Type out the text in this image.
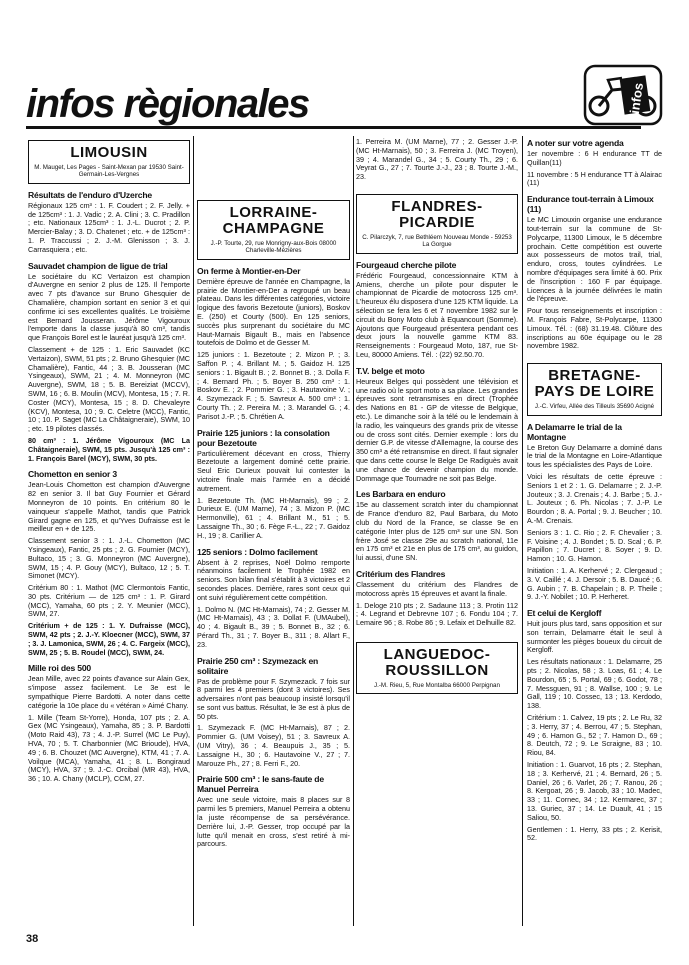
infos règionales	infos
LIMOUSIN
M. Mauget, Les Pages - Saint-Mexan par 19530 Saint-Germain-Les-Vergnes
Résultats de l'enduro d'Uzerche

Régionaux 125 cm³ : 1. F. Coudert ; 2. F. Jelly. + de 125cm³ : 1. J. Vadic ; 2. A. Clini ; 3. C. Pradillon ; etc. Nationaux 125cm³ : 1. J.-L. Ducrot ; 2. P. Mercier-Balay ; 3. D. Chatenet ; etc. + de 125cm³ : 1. P. Traccussi ; 2. J.-M. Glenisson ; 3. J. Carrasquiera ; etc.

Sauvadet champion de ligue de trial

Le sociétaire du KC Vertaizon est champion d'Auvergne en senior 2 plus de 125. Il l'emporte avec 7 pts d'avance sur Bruno Ghesquier de Chamalière, champion sortant en senior 3 et qui confirme ici ses excellentes qualités. Le troisième est Bernard Jousseran. Jérôme Vigouroux l'emporte dans la classe jusqu'à 80 cm³, tandis que François Borel est le lauréat jusqu'à 125 cm³.

Classement + de 125 : 1. Eric Sauvadet (KC Vertaizon), SWM, 51 pts ; 2. Bruno Ghesquier (MC Chamalière), Fantic, 44 ; 3. B. Jousseran (MC Ysingeaux), SWM, 21 ; 4. M. Monneyron (MC Auvergne), SWM, 18 ; 5. B. Bereiziat (MCCV), SWM, 16 ; 6. B. Moulin (MCV), Montesa, 15 ; 7. R. Coster (MCY), Montesa, 15 ; 8. D. Chevaleyre (KCV), Montesa, 10 ; 9. C. Celetre (MCC), Fantic, 10 ; 10. P. Saget (MC La Châtaigneraie), SWM, 10 ; etc. 19 pilotes classés.

80 cm³ : 1. Jérôme Vigouroux (MC La Châtaigneraie), SWM, 15 pts. Jusqu'à 125 cm³ : 1. François Barel (MCY), SWM, 30 pts.

Chometton en senior 3

Jean-Louis Chometton est champion d'Auvergne 82 en senior 3. Il bat Guy Fournier et Gérard Monneyron de 10 points. En critérium 80 le vainqueur s'appelle Mathot, tandis que Patrick Girard gagne en 125, et qu'Yves Dufraisse est le meilleur en + de 125.

Classement senior 3 : 1. J.-L. Chometton (MC Ysingeaux), Fantic, 25 pts ; 2. G. Fournier (MCY), Bultaco, 15 ; 3. G. Monneyron (MC Auvergne), SWM, 15 ; 4. P. Gouy (MCY), Bultaco, 12 ; 5. T. Simonet (MCY).

Critérium 80 : 1. Mathot (MC Clermontois Fantic, 30 pts. Critérium — de 125 cm³ : 1. P. Girard (MCC), Yamaha, 60 pts ; 2. Y. Meunier (MCC), SWM, 27.

Critérium + de 125 : 1. Y. Dufraisse (MCC), SWM, 42 pts ; 2. J.-Y. Kloecner (MCC), SWM, 37 ; 3. J. Lamonica, SWM, 26 ; 4. C. Fargeix (MCC), SWM, 25 ; 5. B. Roudel (MCC), SWM, 24.

Mille roi des 500

Jean Mille, avec 22 points d'avance sur Alain Gex, s'impose assez facilement. Le 3e est le sympathique Pierre Bardotti. A noter dans cette catégorie la 10e place du « vétéran » Aimé Chany.

1. Mille (Team St-Yorre), Honda, 107 pts ; 2. A. Gex (MC Ysingeaux), Yamaha, 85 ; 3. P. Bardotti (Moto Raid 43), 73 ; 4. J.-P. Surrel (MC Le Puy), HVA, 70 ; 5. T. Charbonnier (MC Brioude), HVA, 49 ; 6. B. Chouzet (MC Auvergne), KTM, 41 ; 7. A. Voilque (MCA), Yamaha, 41 ; 8. L. Bongiraud (MCY), HVA, 37 ; 9. J.-C. Orcibal (MR 43), HVA, 36 ; 10. A. Chany (MCLP), CCM, 27.

LORRAINE-CHAMPAGNE
J.-P. Tourte, 29, rue Monrigny-aux-Bois 08000 Charleville-Mézières
On ferme à Montier-en-Der

Dernière épreuve de l'année en Champagne, la prairie de Montier-en-Der a regroupé un beau plateau. Dans les différentes catégories, victoire logique des favoris Bezetoute (juniors), Boskov E. (250) et Courty (500). En 125 seniors, succès plus surprenant du sociétaire du MC Haut-Marnais Bigault B., mais en l'absence toutefois de Dolmo et de Gesser M.

125 juniors : 1. Bezetoute ; 2. Mizon P. ; 3. Saffon P. ; 4. Brillant M. ; 5. Gaidoz H. 125 seniors : 1. Bigault B. ; 2. Bonnet B. ; 3. Dolla F. ; 4. Bernard Ph. ; 5. Boyer B. 250 cm³ : 1. Boskov E. ; 2. Pommier G. ; 3. Hautavoine V. ; 4. Szymezack F. ; 5. Savreux A. 500 cm³ : 1. Courty Th. ; 2. Pereira M. ; 3. Marandel G. ; 4. Parisot J.-P. ; 5. Chrétien A.

Prairie 125 juniors : la consolation pour Bezetoute

Particulièrement décevant en cross, Thierry Bezetoute a largement dominé cette prairie. Seul Eric Durieux pouvait lui contester la victoire finale mais l'armée en a décidé autrement.

1. Bezetoute Th. (MC Ht-Marnais), 99 ; 2. Durieux E. (UM Marne), 74 ; 3. Mizon P. (MC Hermonville), 61 ; 4. Brillant M., 51 ; 5. Lassaigne Th., 30 ; 6. Fège F.-L., 22 ; 7. Gaidoz H., 19 ; 8. Carillier A.

125 seniors : Dolmo facilement

Absent à 2 reprises, Noël Dolmo remporte néanmoins facilement le Trophée 1982 en seniors. Son bilan final s'établit à 3 victoires et 2 secondes places. Derrière, rares sont ceux qui ont suivi régulièrement cette compétition.

1. Dolmo N. (MC Ht-Marnais), 74 ; 2. Gesser M. (MC Ht-Marnais), 43 ; 3. Dollat F. (UMAubel), 40 ; 4. Bigault B., 39 ; 5. Bonnet B., 32 ; 6. Pérard Th., 31 ; 7. Boyer B., 311 ; 8. Allart F., 23.

Prairie 250 cm³ : Szymezack en solitaire

Pas de problème pour F. Szymezack. 7 fois sur 8 parmi les 4 premiers (dont 3 victoires). Ses adversaires n'ont pas beaucoup insisté lorsqu'il se sont vus battus. Résultat, le 3e est à plus de 50 pts.

1. Szymezack F. (MC Ht-Marnais), 87 ; 2. Pommier G. (UM Voisey), 51 ; 3. Savreux A. (UM Vitry), 36 ; 4. Beaupuis J., 35 ; 5. Lassaigne H., 30 ; 6. Hautavoine V., 27 ; 7. Marouze Ph., 27 ; 8. Ferri F., 20.

Prairie 500 cm³ : le sans-faute de Manuel Perreira

Avec une seule victoire, mais 8 places sur 8 parmi les 5 premiers, Manuel Perreira a obtenu la juste récompense de sa persévérance. Derrière lui, J.-P. Gesser, trop occupé par la lutte qu'il menait en cross, s'est retiré à mi-parcours.

1. Perreira M. (UM Marne), 77 ; 2. Gesser J.-P. (MC Ht-Marnais), 50 ; 3. Ferreira J. (MC Troyen), 39 ; 4. Marandel G., 34 ; 5. Courty Th., 29 ; 6. Veyrat G., 27 ; 7. Tourte J.-J., 23 ; 8. Tourte J.-M., 23.

FLANDRES-PICARDIE
C. Pilarczyk, 7, rue Bethléem Nouveau Monde - 59253 La Gorgue
Fourgeaud cherche pilote

Frédéric Fourgeaud, concessionnaire KTM à Amiens, cherche un pilote pour disputer le championnat de Picardie de motocross 125 cm³. L'heureux élu disposera d'une 125 KTM liquide. La sélection se fera les 6 et 7 novembre 1982 sur le circuit du Bony Moto club à Equancourt (Somme). Ajoutons que Fourgeaud présentera pendant ces deux jours la nouvelle gamme KTM 83. Renseignements : Fourgeaud Moto, 187, rue St-Leu, 80000 Amiens. Tél. : (22) 92.50.70.

T.V. belge et moto

Heureux Belges qui possèdent une télévision et une radio où le sport moto a sa place. Les grandes épreuves sont retransmises en direct (Trophée des Nations en 81 - GP de vitesse de Belgique, etc.). Le dimanche soir à la télé ou le lendemain à la radio, les vainqueurs des grands prix de vitesse ou de cross sont cités. Dernier exemple : lors du dernier G.P. de vitesse d'Allemagne, la course des 350 cm³ a été retransmise en direct. Il faut signaler que dans cette course le Belge De Radiguès avait une chance de devenir champion du monde. Dommage que Tournadre ne soit pas Belge.

Les Barbara en enduro

15e au classement scratch inter du championnat de France d'enduro 82, Paul Barbara, du Moto club du Nord de la France, se classe 9e en catégorie Inter plus de 125 cm³ sur une SN. Son frère José se classe 29e au scratch national, 11e en 175 cm³ et 21e en plus de 175 cm³, au guidon, lui aussi, d'une SN.

Critérium des Flandres

Classement du critérium des Flandres de motocross après 15 épreuves et avant la finale.

1. Deloge 210 pts ; 2. Sadaune 113 ; 3. Protin 112 ; 4. Legrand et Debrevne 107 ; 6. Fondu 104 ; 7. Lemaire 96 ; 8. Robe 86 ; 9. Lefaix et Delhuille 82.

LANGUEDOC-ROUSSILLON
J.-M. Rieu, 5, Rue Montalba 66000 Perpignan
A noter sur votre agenda

1er novembre : 6 H endurance TT de Quillan(11)

11 novembre : 5 H endurance TT à Alairac (11)

Endurance tout-terrain à Limoux (11)

Le MC Limouxin organise une endurance tout-terrain sur la commune de St-Polycarpe, 11300 Limoux, le 5 décembre prochain. Cette compétition est ouverte aux possesseurs de motos trail, trial, enduro, cross, toutes cylindrées. Le nombre d'équipages sera limité à 60. Prix de l'inscription : 160 F par équipage. Licences à la journée délivrées le matin de l'épreuve.

Pour tous renseignements et inscription : M. François Fabre, St-Polycarpe, 11300 Limoux. Tél. : (68) 31.19.48. Clôture des inscriptions au 60e équipage ou le 28 novembre 1982.

BRETAGNE-PAYS DE LOIRE
J.-C. Virfeu, Allée des Tilleuls 35690 Acigné
A Delamarre le trial de la Montagne

Le Breton Guy Delamarre a dominé dans le trial de la Montagne en Loire-Atlantique tous les spécialistes des Pays de Loire.

Voici les résultats de cette épreuve : Seniors 1 et 2 : 1. G. Delamarre ; 2. J.-P. Jouteux ; 3. J. Crenais ; 4. J. Barbe ; 5. J.-L. Jouteux ; 6. Ph. Nicolas ; 7. J.-P. Le Bourdon ; 8. A. Portal ; 9. J. Beucher ; 10. A.-M. Crenais.

Seniors 3 : 1. C. Rio ; 2. F. Chevalier ; 3. F. Voisine ; 4. J. Bondet ; 5. D. Scal ; 6. P. Papillon ; 7. Ducret ; 8. Soyer ; 9. D. Hamon ; 10. G. Hamon.

Initiation : 1. A. Kerhervé ; 2. Clergeaud ; 3. V. Caillé ; 4. J. Dersoir ; 5. B. Daucé ; 6. G. Aubin ; 7. B. Chapelain ; 8. P. Theile ; 9. J.-Y. Nobilet ; 10. P. Herheret.

Et celui de Kergloff

Huit jours plus tard, sans opposition et sur son terrain, Delamarre était le seul à surmonter les pièges boueux du circuit de Kergloff.

Les résultats nationaux : 1. Delamarre, 25 pts ; 2. Nicolas, 58 ; 3. Loas, 61 ; 4. Le Bourdon, 65 ; 5. Portal, 69 ; 6. Godot, 78 ; 7. Messguen, 91 ; 8. Wallse, 100 ; 9. Le Gall, 119 ; 10. Cossec, 13 ; 13. Kerdodo, 138.

Critérium : 1. Calvez, 19 pts ; 2. Le Ru, 32 ; 3. Herry, 37 ; 4. Berrou, 47 ; 5. Stephan, 49 ; 6. Hamon G., 52 ; 7. Hamon D., 69 ; 8. Deutch, 72 ; 9. Le Scraigne, 83 ; 10. Riou, 84.

Initiation : 1. Guarvot, 16 pts ; 2. Stephan, 18 ; 3. Kerhervé, 21 ; 4. Bernard, 26 ; 5. Daniel, 26 ; 6. Varlet, 26 ; 7. Ranou, 26 ; 8. Kergoat, 26 ; 9. Jacob, 33 ; 10. Madec, 33 ; 11. Cornec, 34 ; 12. Kermarec, 37 ; 13. Guriec, 37 ; 14. Le Duault, 41 ; 15 Saliou, 50.

Gentlemen : 1. Herry, 33 pts ; 2. Kerisit, 52.

38
